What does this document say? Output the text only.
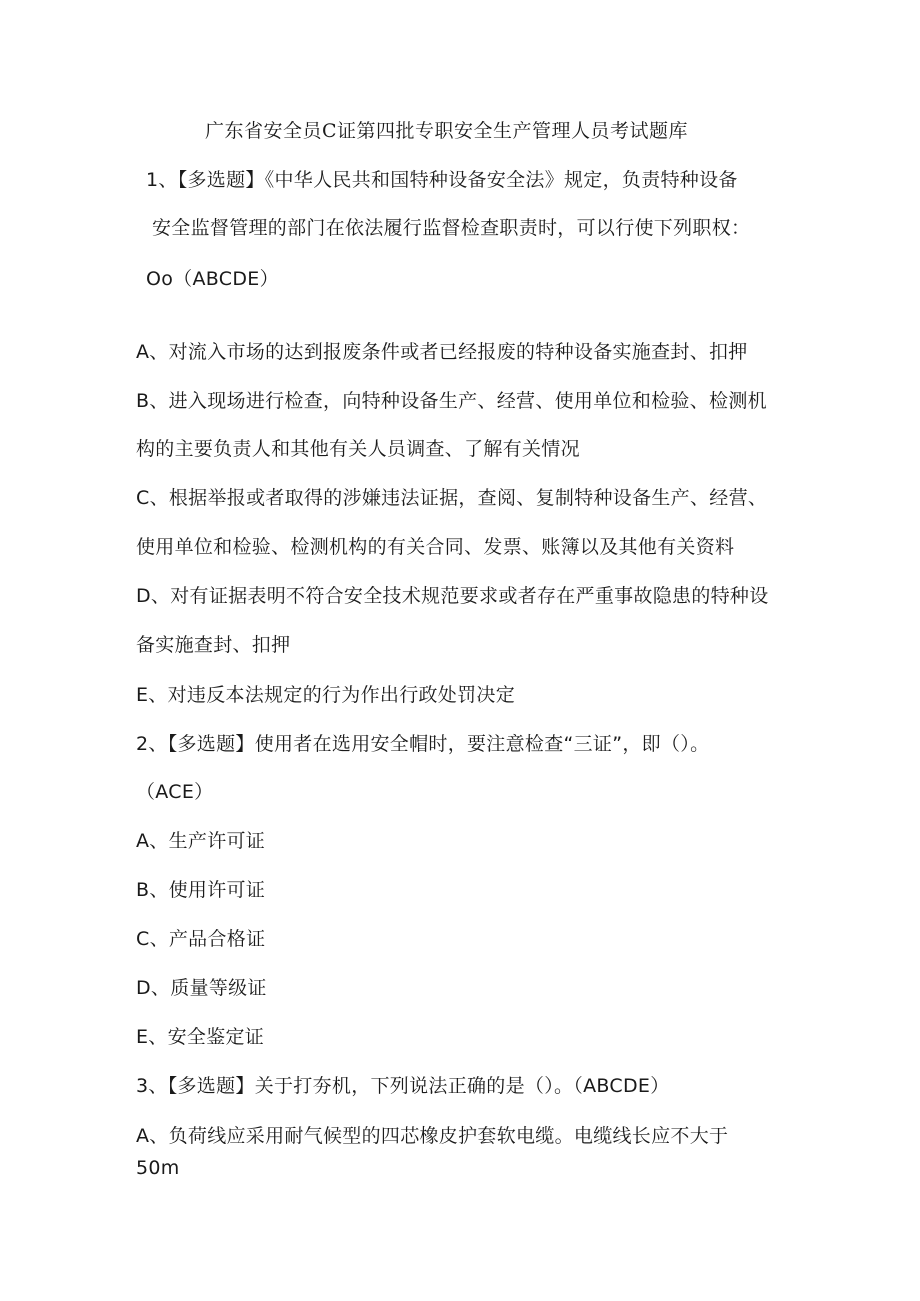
广东省安全员C证第四批专职安全生产管理人员考试题库
1、【多选题】《中华人民共和国特种设备安全法》规定，负责特种设备
安全监督管理的部门在依法履行监督检查职责时，可以行使下列职权：
Oo（ABCDE）
A、对流入市场的达到报废条件或者已经报废的特种设备实施查封、扣押
B、进入现场进行检查，向特种设备生产、经营、使用单位和检验、检测机
构的主要负责人和其他有关人员调查、了解有关情况
C、根据举报或者取得的涉嫌违法证据，查阅、复制特种设备生产、经营、
使用单位和检验、检测机构的有关合同、发票、账簿以及其他有关资料
D、对有证据表明不符合安全技术规范要求或者存在严重事故隐患的特种设
备实施查封、扣押
E、对违反本法规定的行为作出行政处罚决定
2、【多选题】使用者在选用安全帽时，要注意检查“三证”，即（）。
（ACE）
A、生产许可证
B、使用许可证
C、产品合格证
D、质量等级证
E、安全鉴定证
3、【多选题】关于打夯机，下列说法正确的是（）。（ABCDE）
A、负荷线应采用耐气候型的四芯橡皮护套软电缆。电缆线长应不大于
50m
